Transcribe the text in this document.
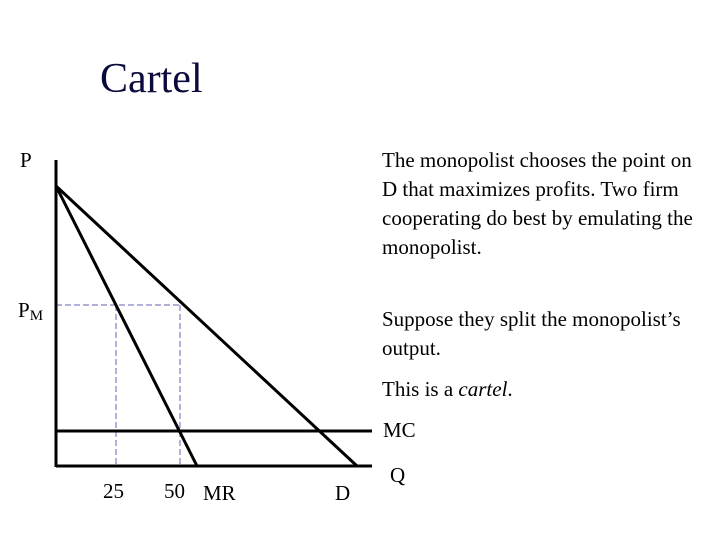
Cartel
P
$P_M$
The monopolist chooses the point on D that maximizes profits. Two firm cooperating do best by emulating the monopolist.
Suppose they split the monopolist’s output.
This is a cartel.
MC
Q
25 50 MR	D
